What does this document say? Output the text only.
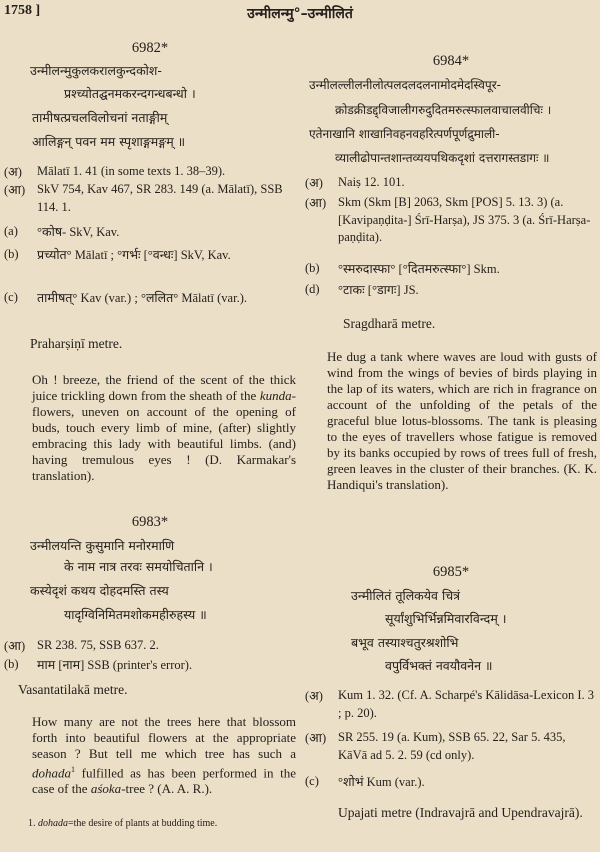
1758 ]	उन्मीलन्मु°–उन्मीलितं
6982*
उन्मीलन्मुकुलकरालकुन्दकोश-
प्रश्च्योतद्घनमकरन्दगन्धबन्धो ।
तामीषत्प्रचलविलोचनां नताङ्गीम्
आलिङ्गन् पवन मम स्पृशाङ्गमङ्गम् ॥
(अ) Mālatī 1. 41 (in some texts 1. 38–39).
(आ) SkV 754, Kav 467, SR 283. 149 (a. Mālatī), SSB 114. 1.
(a) °कोष- SkV, Kav.
(b) प्रच्योत° Mālatī ; °गर्भः [°वन्धः] SkV, Kav.
(c) तामीषत्° Kav (var.) ; °ललित° Mālatī (var.).
Praharṣiṇī metre.
Oh ! breeze, the friend of the scent of the thick juice trickling down from the sheath of the kunda-flowers, uneven on account of the opening of buds, touch every limb of mine, (after) slightly embracing this lady with beautiful limbs. (and) having tremulous eyes ! (D. Karmakar's translation).
6983*
उन्मीलयन्ति कुसुमानि मनोरमाणि
के नाम नात्र तरवः समयोचितानि ।
कस्येदृशं कथय दोहदमस्ति तस्य
यादृग्विनिमितमशोकमहीरुहस्य ॥
(आ) SR 238. 75, SSB 637. 2.
(b) माम [नाम] SSB (printer's error).
Vasantatilakā metre.
How many are not the trees here that blossom forth into beautiful flowers at the appropriate season ? But tell me which tree has such a dohada$^1$ fulfilled as has been performed in the case of the aśoka-tree ? (A. A. R.).
1. dohada=the desire of plants at budding time.
6984*
उन्मीलल्लीलनीलोत्पलदलदलनामोदमेदस्विपूर-
क्रोडक्रीडद्द्विजालीगरुदुदितमरुत्स्फालवाचालवीचिः ।
एतेनाखानि शाखानिवहनवहरित्पर्णपूर्णद्रुमाली-
व्यालीढोपान्तशान्तव्ययपथिकदृशां दत्तरागस्तडागः ॥
(अ) Naiṣ 12. 101.
(आ) Skm (Skm [B] 2063, Skm [POS] 5. 13. 3) (a. [Kavipaṇḍita-] Śrī-Harṣa), JS 375. 3 (a. Śrī-Harṣa-paṇḍita).
(b) °स्मरुदास्फा° [°दितमरुत्स्फा°] Skm.
(d) °टाकः [°डागः] JS.
Sragdharā metre.
He dug a tank where waves are loud with gusts of wind from the wings of bevies of birds playing in the lap of its waters, which are rich in fragrance on account of the unfolding of the petals of the graceful blue lotus-blossoms. The tank is pleasing to the eyes of travellers whose fatigue is removed by its banks occupied by rows of trees full of fresh, green leaves in the cluster of their branches. (K. K. Handiqui's translation).
6985*
उन्मीलितं तूलिकयेव चित्रं
सूर्यांशुभिर्भिन्नमिवारविन्दम् ।
बभूव तस्याश्चतुरश्रशोभि
वपुर्विभक्तं नवयौवनेन ॥
(अ) Kum 1. 32. (Cf. A. Scharpé's Kālidāsa-Lexicon I. 3 ; p. 20).
(आ) SR 255. 19 (a. Kum), SSB 65. 22, Sar 5. 435, KāVā ad 5. 2. 59 (cd only).
(c) °शोभं Kum (var.).
Upajati metre (Indravajrā and Upendravajrā).
